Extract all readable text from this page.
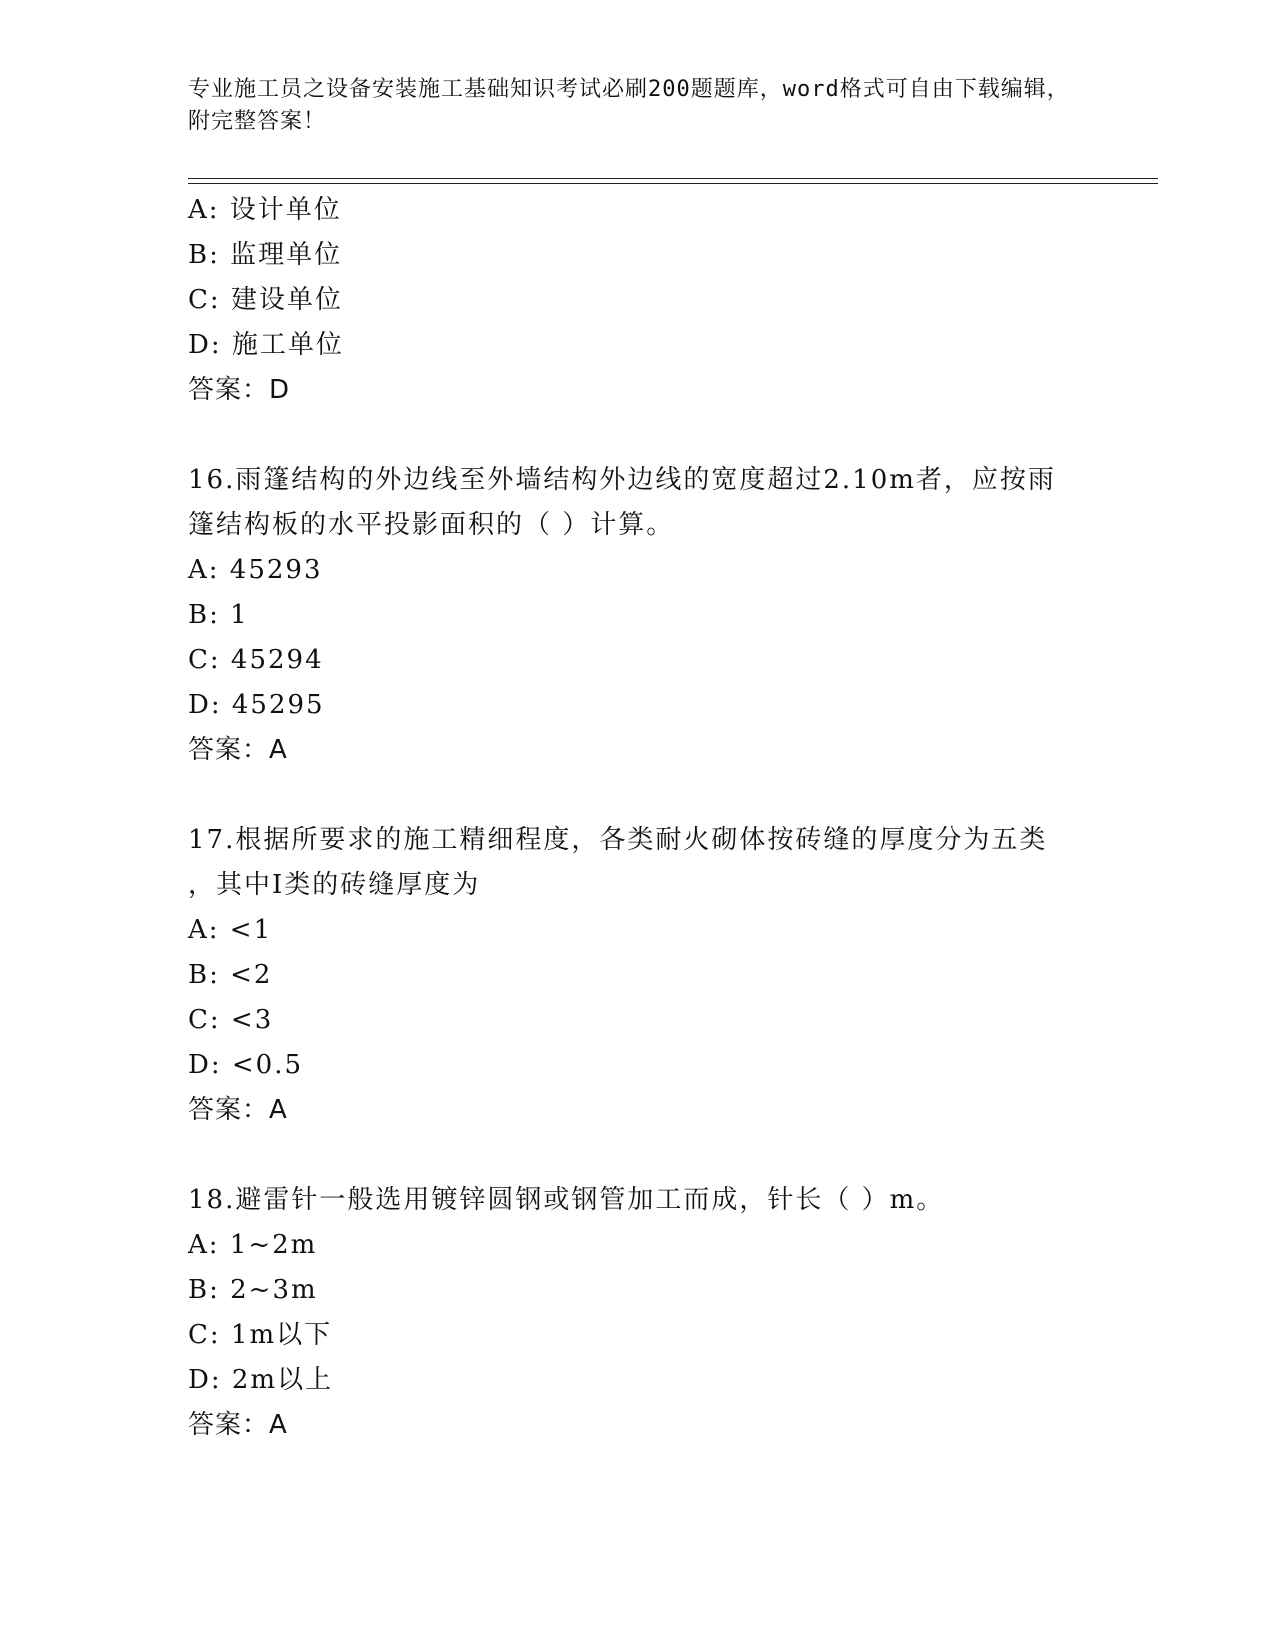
专业施工员之设备安装施工基础知识考试必刷200题题库，word格式可自由下载编辑，附完整答案！
A: 设计单位
B: 监理单位
C: 建设单位
D: 施工单位
答案：D
16.雨篷结构的外边线至外墙结构外边线的宽度超过2.10m者，应按雨
篷结构板的水平投影面积的（ ）计算。
A: 45293
B: 1
C: 45294
D: 45295
答案：A
17.根据所要求的施工精细程度，各类耐火砌体按砖缝的厚度分为五类
，其中Ⅰ类的砖缝厚度为
A: <1
B: <2
C: <3
D: <0.5
答案：A
18.避雷针一般选用镀锌圆钢或钢管加工而成，针长（ ）m。
A: 1~2m
B: 2~3m
C: 1m以下
D: 2m以上
答案：A
